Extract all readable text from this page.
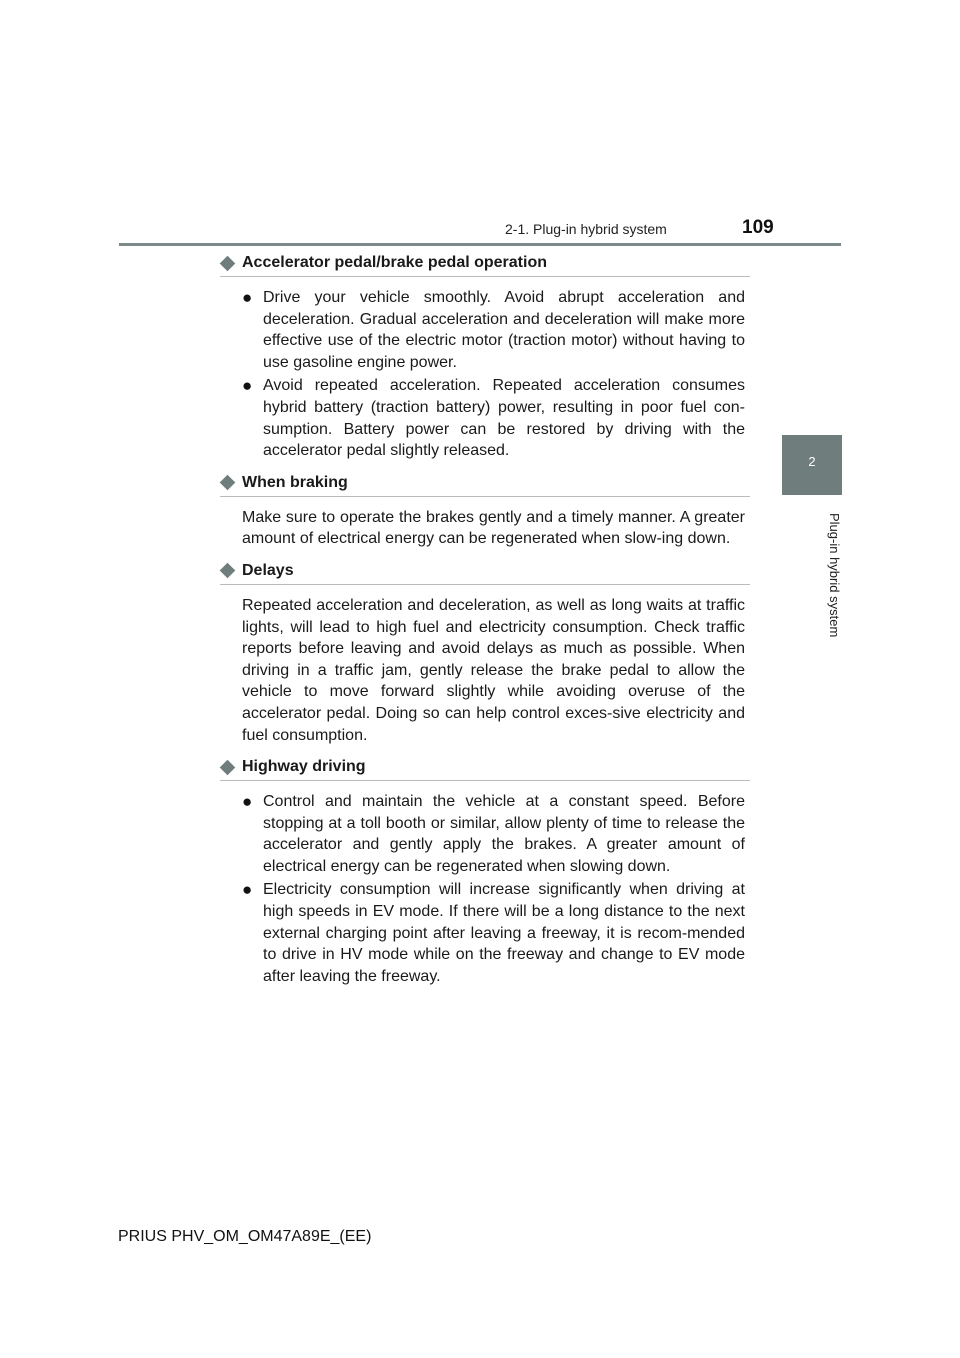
2-1. Plug-in hybrid system	109
2
Plug-in hybrid system
Accelerator pedal/brake pedal operation
● Drive your vehicle smoothly. Avoid abrupt acceleration and deceleration. Gradual acceleration and deceleration will make more effective use of the electric motor (traction motor) without having to use gasoline engine power.
● Avoid repeated acceleration. Repeated acceleration consumes hybrid battery (traction battery) power, resulting in poor fuel con-sumption. Battery power can be restored by driving with the accelerator pedal slightly released.
When braking
Make sure to operate the brakes gently and a timely manner. A greater amount of electrical energy can be regenerated when slow-ing down.
Delays
Repeated acceleration and deceleration, as well as long waits at traffic lights, will lead to high fuel and electricity consumption. Check traffic reports before leaving and avoid delays as much as possible. When driving in a traffic jam, gently release the brake pedal to allow the vehicle to move forward slightly while avoiding overuse of the accelerator pedal. Doing so can help control exces-sive electricity and fuel consumption.
Highway driving
● Control and maintain the vehicle at a constant speed. Before stopping at a toll booth or similar, allow plenty of time to release the accelerator and gently apply the brakes. A greater amount of electrical energy can be regenerated when slowing down.
● Electricity consumption will increase significantly when driving at high speeds in EV mode. If there will be a long distance to the next external charging point after leaving a freeway, it is recom-mended to drive in HV mode while on the freeway and change to EV mode after leaving the freeway.
PRIUS PHV_OM_OM47A89E_(EE)
